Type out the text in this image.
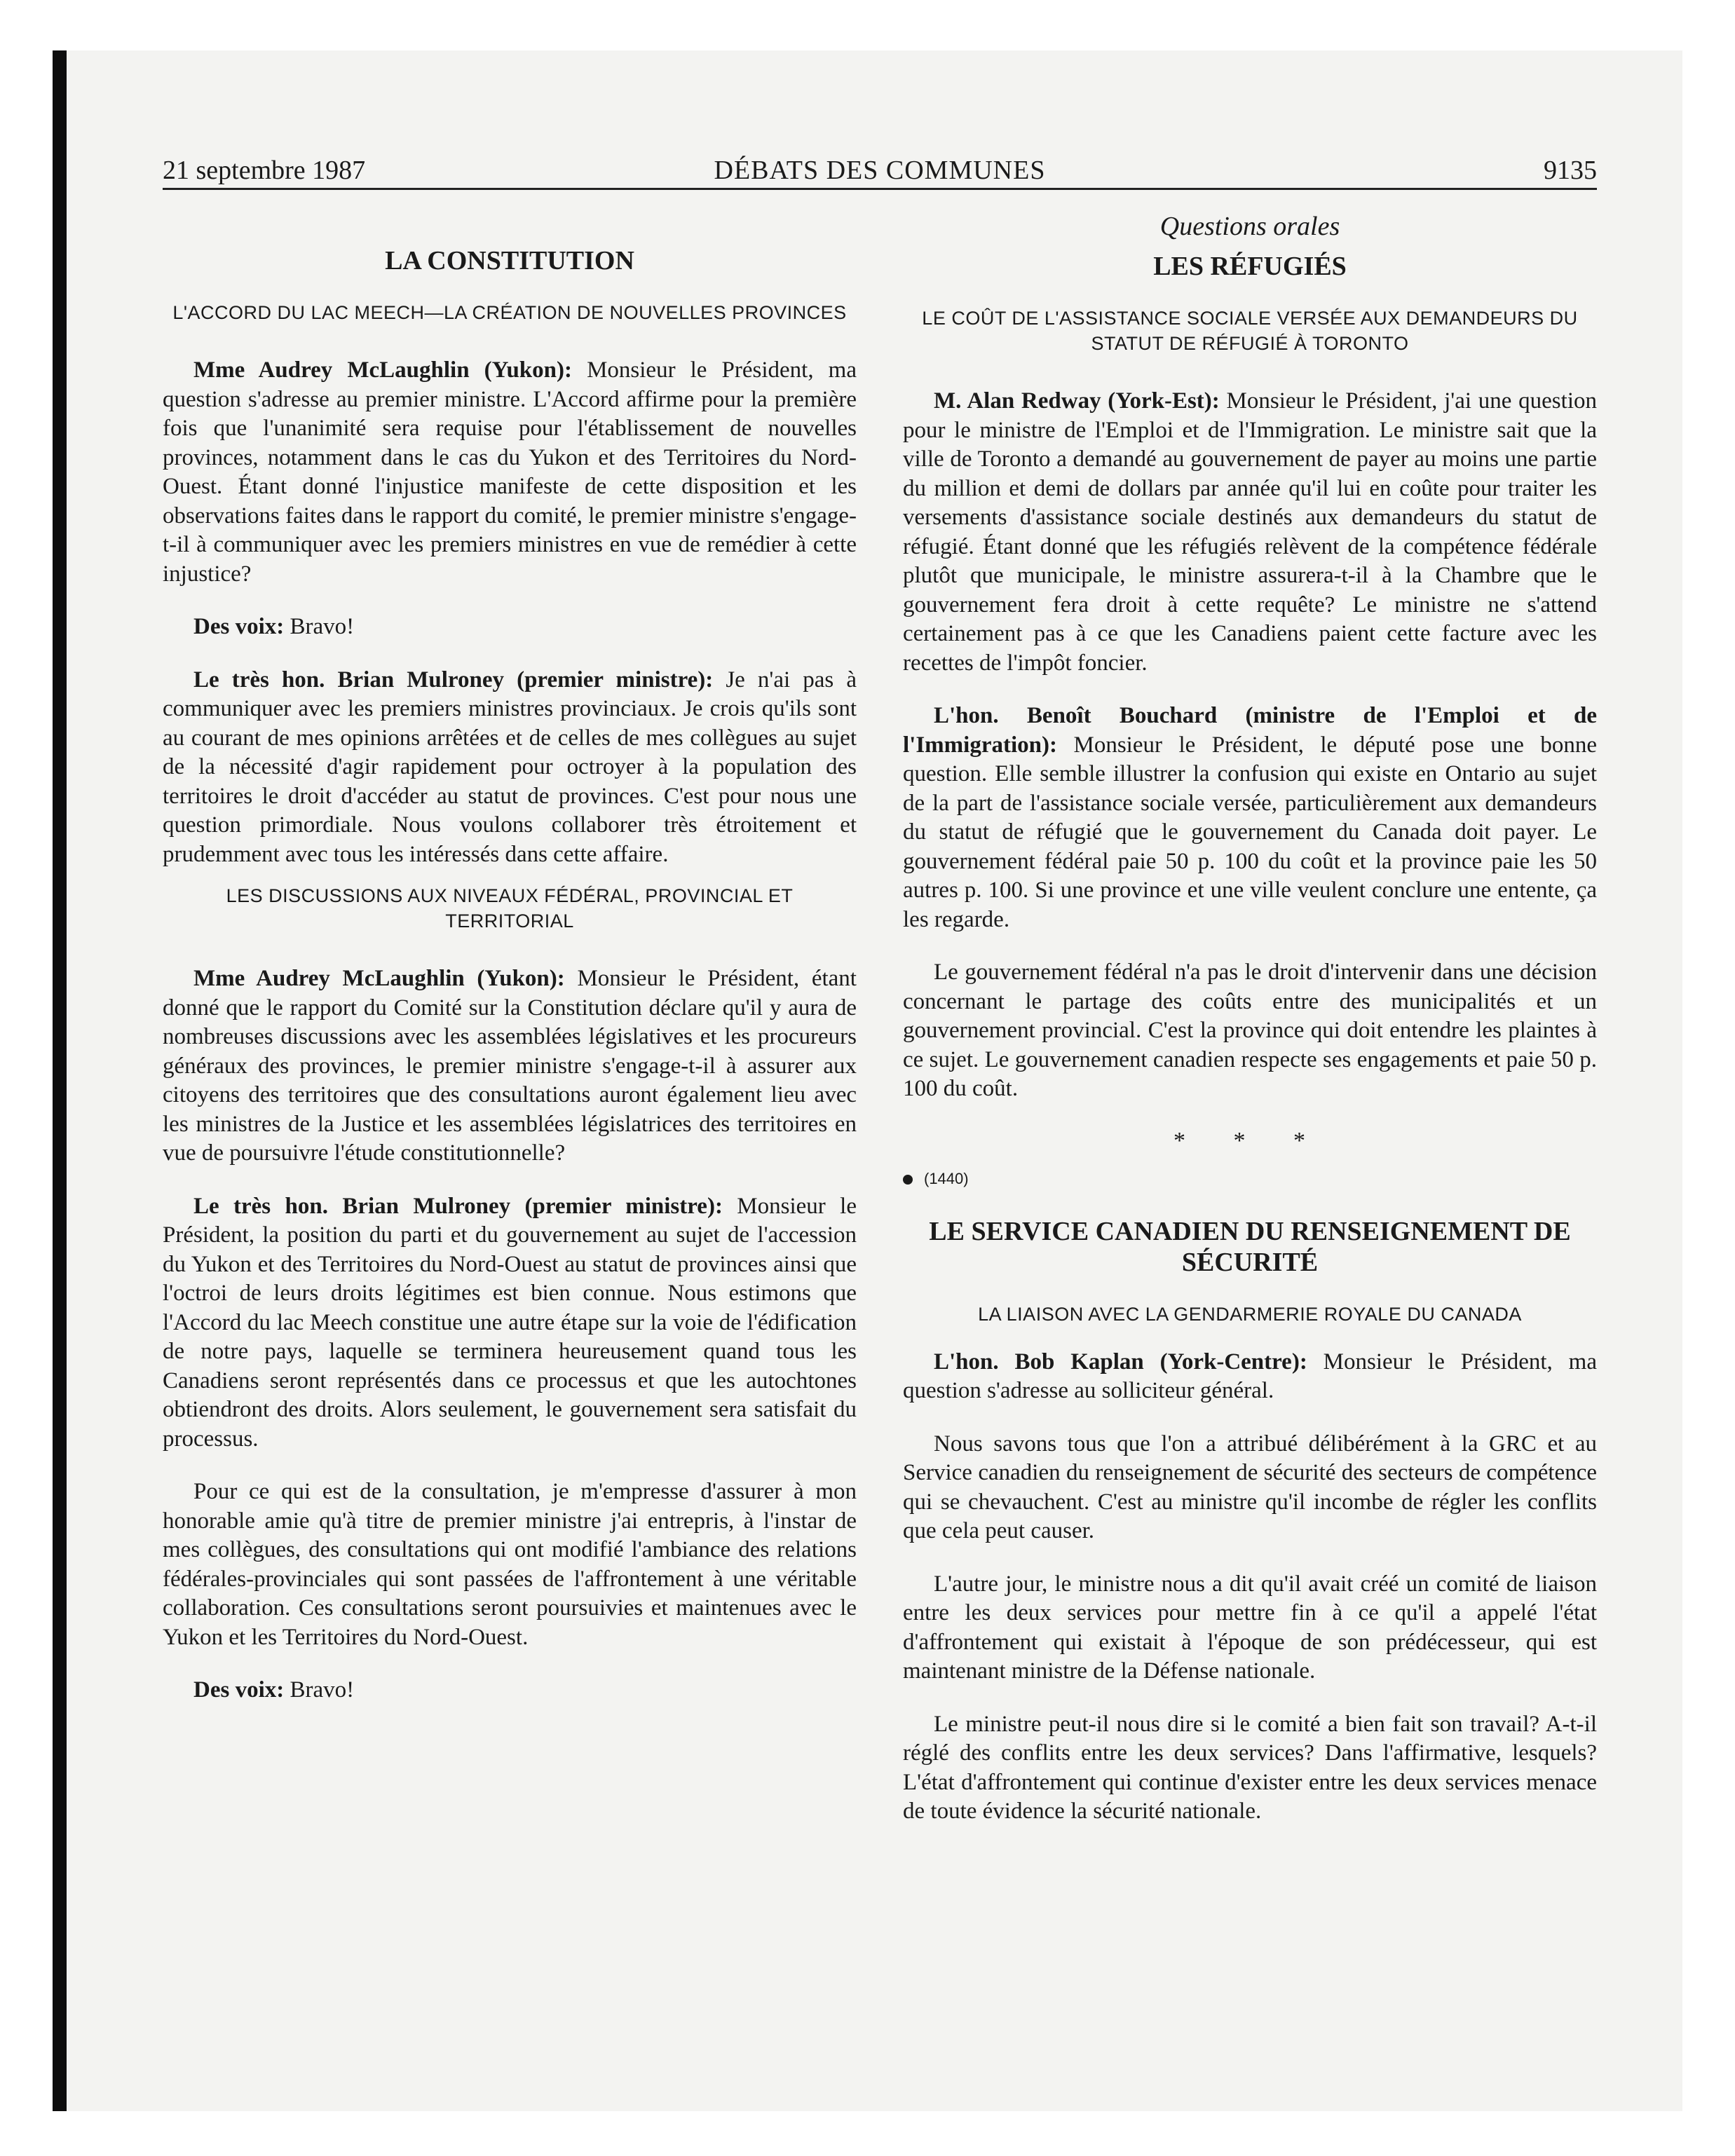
21 septembre 1987	DÉBATS DES COMMUNES	9135
LA CONSTITUTION
L'ACCORD DU LAC MEECH—LA CRÉATION DE NOUVELLES PROVINCES

Mme Audrey McLaughlin (Yukon): Monsieur le Président, ma question s'adresse au premier ministre. L'Accord affirme pour la première fois que l'unanimité sera requise pour l'établissement de nouvelles provinces, notamment dans le cas du Yukon et des Territoires du Nord-Ouest. Étant donné l'injustice manifeste de cette disposition et les observations faites dans le rapport du comité, le premier ministre s'engage-t-il à communiquer avec les premiers ministres en vue de remédier à cette injustice?

Des voix: Bravo!

Le très hon. Brian Mulroney (premier ministre): Je n'ai pas à communiquer avec les premiers ministres provinciaux. Je crois qu'ils sont au courant de mes opinions arrêtées et de celles de mes collègues au sujet de la nécessité d'agir rapidement pour octroyer à la population des territoires le droit d'accéder au statut de provinces. C'est pour nous une question primordiale. Nous voulons collaborer très étroitement et prudemment avec tous les intéressés dans cette affaire.

LES DISCUSSIONS AUX NIVEAUX FÉDÉRAL, PROVINCIAL ET TERRITORIAL

Mme Audrey McLaughlin (Yukon): Monsieur le Président, étant donné que le rapport du Comité sur la Constitution déclare qu'il y aura de nombreuses discussions avec les assemblées législatives et les procureurs généraux des provinces, le premier ministre s'engage-t-il à assurer aux citoyens des territoires que des consultations auront également lieu avec les ministres de la Justice et les assemblées législatrices des territoires en vue de poursuivre l'étude constitutionnelle?

Le très hon. Brian Mulroney (premier ministre): Monsieur le Président, la position du parti et du gouvernement au sujet de l'accession du Yukon et des Territoires du Nord-Ouest au statut de provinces ainsi que l'octroi de leurs droits légitimes est bien connue. Nous estimons que l'Accord du lac Meech constitue une autre étape sur la voie de l'édification de notre pays, laquelle se terminera heureusement quand tous les Canadiens seront représentés dans ce processus et que les autochtones obtiendront des droits. Alors seulement, le gouvernement sera satisfait du processus.

Pour ce qui est de la consultation, je m'empresse d'assurer à mon honorable amie qu'à titre de premier ministre j'ai entrepris, à l'instar de mes collègues, des consultations qui ont modifié l'ambiance des relations fédérales-provinciales qui sont passées de l'affrontement à une véritable collaboration. Ces consultations seront poursuivies et maintenues avec le Yukon et les Territoires du Nord-Ouest.

Des voix: Bravo!

Questions orales
LES RÉFUGIÉS
LE COÛT DE L'ASSISTANCE SOCIALE VERSÉE AUX DEMANDEURS DU STATUT DE RÉFUGIÉ À TORONTO

M. Alan Redway (York-Est): Monsieur le Président, j'ai une question pour le ministre de l'Emploi et de l'Immigration. Le ministre sait que la ville de Toronto a demandé au gouvernement de payer au moins une partie du million et demi de dollars par année qu'il lui en coûte pour traiter les versements d'assistance sociale destinés aux demandeurs du statut de réfugié. Étant donné que les réfugiés relèvent de la compétence fédérale plutôt que municipale, le ministre assurera-t-il à la Chambre que le gouvernement fera droit à cette requête? Le ministre ne s'attend certainement pas à ce que les Canadiens paient cette facture avec les recettes de l'impôt foncier.

L'hon. Benoît Bouchard (ministre de l'Emploi et de l'Immigration): Monsieur le Président, le député pose une bonne question. Elle semble illustrer la confusion qui existe en Ontario au sujet de la part de l'assistance sociale versée, particulièrement aux demandeurs du statut de réfugié que le gouvernement du Canada doit payer. Le gouvernement fédéral paie 50 p. 100 du coût et la province paie les 50 autres p. 100. Si une province et une ville veulent conclure une entente, ça les regarde.

Le gouvernement fédéral n'a pas le droit d'intervenir dans une décision concernant le partage des coûts entre des municipalités et un gouvernement provincial. C'est la province qui doit entendre les plaintes à ce sujet. Le gouvernement canadien respecte ses engagements et paie 50 p. 100 du coût.

* * *
(1440)
LE SERVICE CANADIEN DU RENSEIGNEMENT DE SÉCURITÉ
LA LIAISON AVEC LA GENDARMERIE ROYALE DU CANADA

L'hon. Bob Kaplan (York-Centre): Monsieur le Président, ma question s'adresse au solliciteur général.

Nous savons tous que l'on a attribué délibérément à la GRC et au Service canadien du renseignement de sécurité des secteurs de compétence qui se chevauchent. C'est au ministre qu'il incombe de régler les conflits que cela peut causer.

L'autre jour, le ministre nous a dit qu'il avait créé un comité de liaison entre les deux services pour mettre fin à ce qu'il a appelé l'état d'affrontement qui existait à l'époque de son prédécesseur, qui est maintenant ministre de la Défense nationale.

Le ministre peut-il nous dire si le comité a bien fait son travail? A-t-il réglé des conflits entre les deux services? Dans l'affirmative, lesquels? L'état d'affrontement qui continue d'exister entre les deux services menace de toute évidence la sécurité nationale.
